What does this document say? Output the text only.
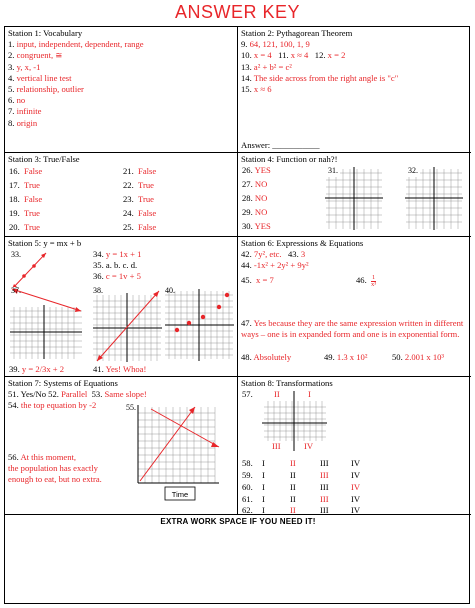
ANSWER KEY
Station 1: Vocabulary
1. input, independent, dependent, range
2. congruent, ≅
3. y, x, -1
4. vertical line test
5. relationship, outlier
6. no
7. infinite
8. origin
Station 2: Pythagorean Theorem
9. 64, 121, 100, 1, 9
10. x = 4 11. x ≈ 4 12. x = 2
13. a² + b² = c²
14. The side across from the right angle is "c"
15. x ≈ 6
Answer: ___________
Station 3: True/False
16. False
17. True
18. False
19. True
20. True
21. False
22. True
23. True
24. False
25. False
Station 4: Function or nah?!
26. YES
27. NO
28. NO
29. NO
30. YES
31.	32.
Station 5: y = mx + b
33.	34. y = 1x + 1
35. a. b. c. d.
36. c = 1v + 5
37.	38.	40.
39. y = 2/3x + 2	41. Yes! Whoa!
Station 6: Expressions & Equations
42. 7y², etc. 43. 3
44. -1x² + 2y² + 9y²
45. x = 7	46. $\frac{1}{\text{x³}}$
47. Yes because they are the same expression written in different ways – one is in expanded form and one is in exponential form.
48. Absolutely	49. 1.3 x 10²	50. 2.001 x 10³
Station 7: Systems of Equations
51. Yes/No 52. Parallel 53. Same slope!
54. the top equation by -2	55.
Time
56. At this moment,
the population has exactly
enough to eat, but no extra.
Station 8: Transformations
57. II	I
III	IV
58. I	II	III	IV
59. I	II	III	IV
60. I	II	III	IV
61. I	II	III	IV
62. I	II	III	IV
EXTRA WORK SPACE IF YOU NEED IT!
